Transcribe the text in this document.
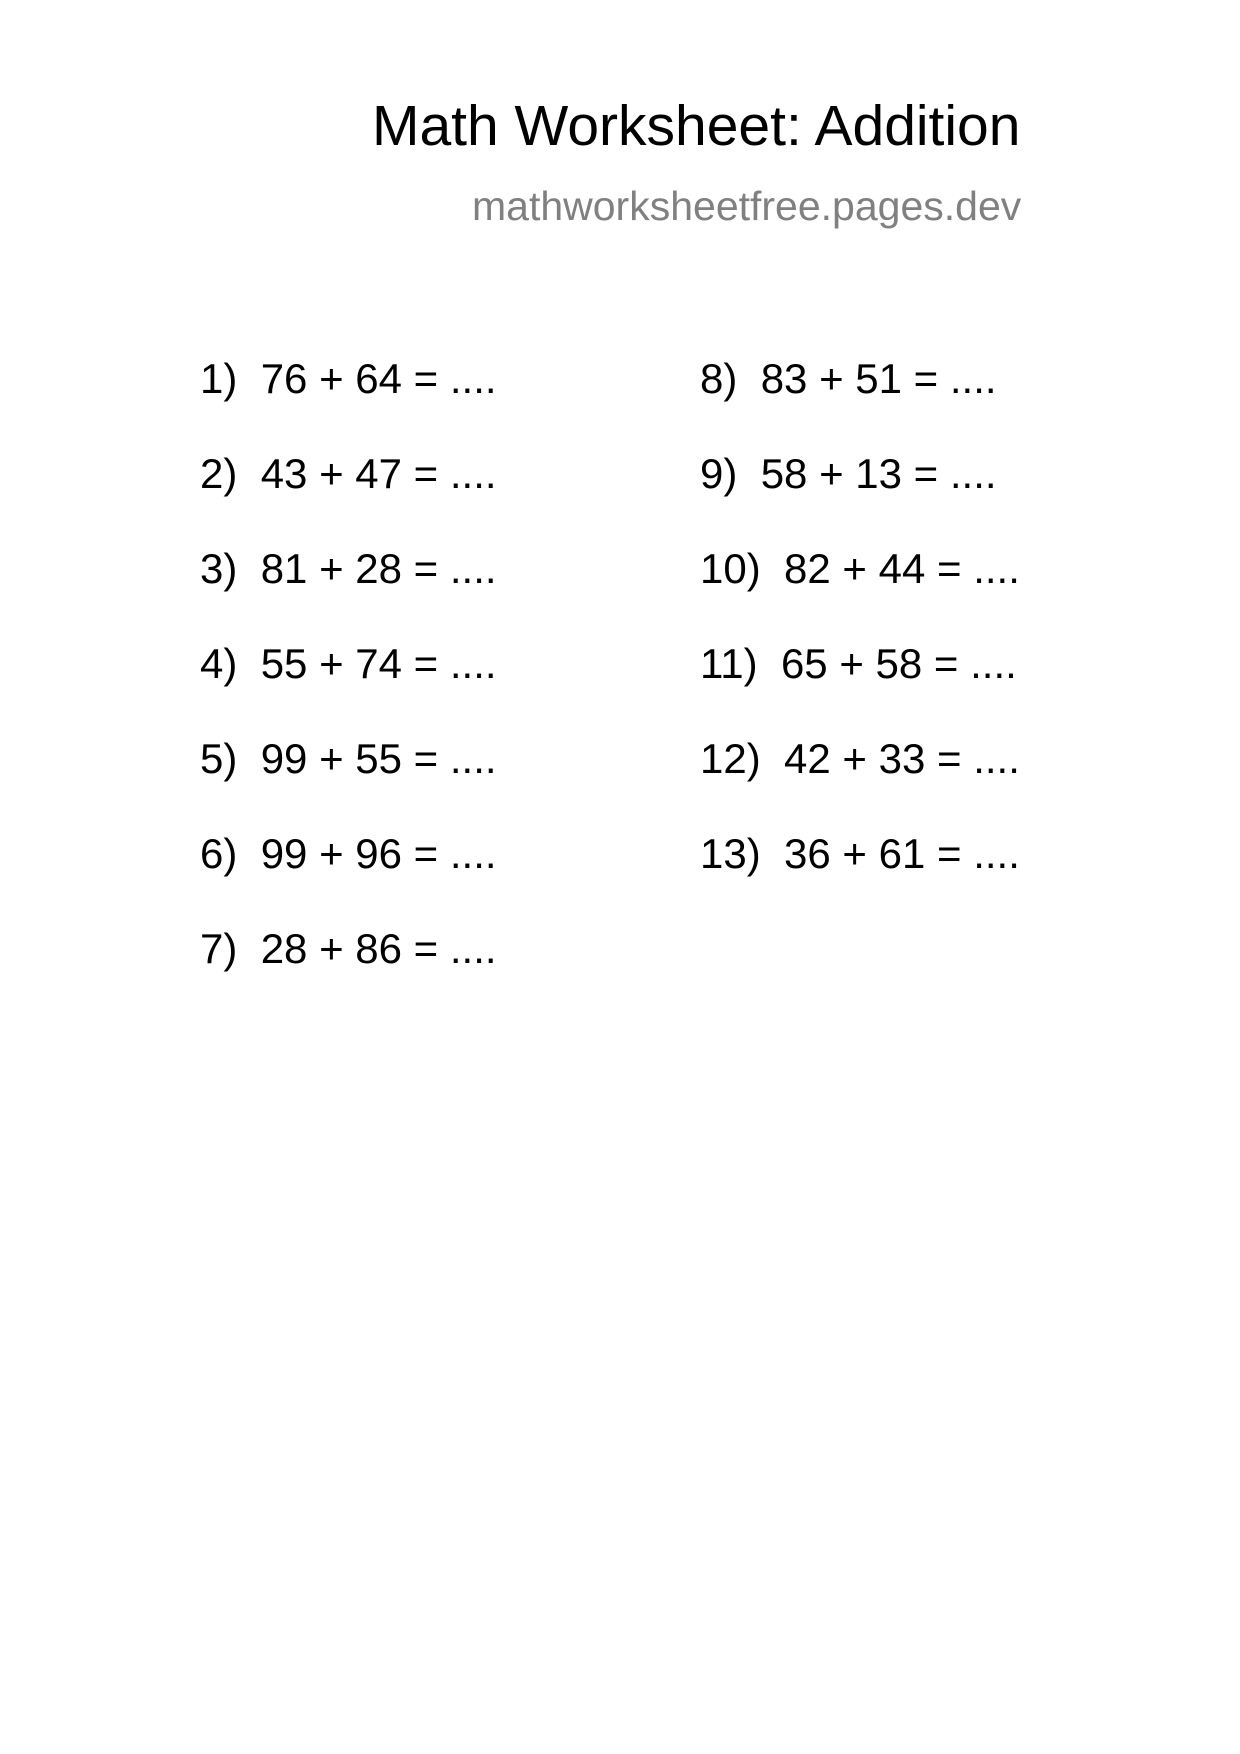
Math Worksheet: Addition
mathworksheetfree.pages.dev
1) 76 + 64 = ....
2) 43 + 47 = ....
3) 81 + 28 = ....
4) 55 + 74 = ....
5) 99 + 55 = ....
6) 99 + 96 = ....
7) 28 + 86 = ....
8) 83 + 51 = ....
9) 58 + 13 = ....
10) 82 + 44 = ....
11) 65 + 58 = ....
12) 42 + 33 = ....
13) 36 + 61 = ....
